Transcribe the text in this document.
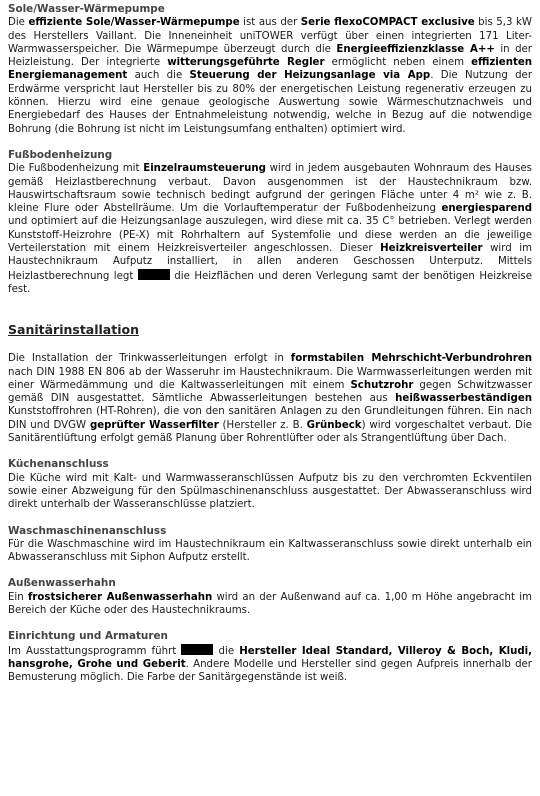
Sole/Wasser-Wärmepumpe

Die effiziente Sole/Wasser-Wärmepumpe ist aus der Serie flexoCOMPACT exclusive bis 5,3 kW des Herstellers Vaillant. Die Inneneinheit uniTOWER verfügt über einen integrierten 171 Liter-Warmwasserspeicher. Die Wärmepumpe überzeugt durch die Energieeffizienzklasse A++ in der Heizleistung. Der integrierte witterungsgeführte Regler ermöglicht neben einem effizienten Energiemanagement auch die Steuerung der Heizungsanlage via App. Die Nutzung der Erdwärme verspricht laut Hersteller bis zu 80% der energetischen Leistung regenerativ erzeugen zu können. Hierzu wird eine genaue geologische Auswertung sowie Wärmeschutznachweis und Energiebedarf des Hauses der Entnahmeleistung notwendig, welche in Bezug auf die notwendige Bohrung (die Bohrung ist nicht im Leistungsumfang enthalten) optimiert wird.

Fußbodenheizung

Die Fußbodenheizung mit Einzelraumsteuerung wird in jedem ausgebauten Wohnraum des Hauses gemäß Heizlastberechnung verbaut. Davon ausgenommen ist der Haustechnikraum bzw. Hauswirtschaftsraum sowie technisch bedingt aufgrund der geringen Fläche unter 4 m² wie z. B. kleine Flure oder Abstellräume. Um die Vorlauftemperatur der Fußbodenheizung energiesparend und optimiert auf die Heizungsanlage auszulegen, wird diese mit ca. 35 C° betrieben. Verlegt werden Kunststoff-Heizrohre (PE-X) mit Rohrhaltern auf Systemfolie und diese werden an die jeweilige Verteilerstation mit einem Heizkreisverteiler angeschlossen. Dieser Heizkreisverteiler wird im Haustechnikraum Aufputz installiert, in allen anderen Geschossen Unterputz. Mittels Heizlastberechnung legt	die Heizflächen und deren Verlegung samt der benötigen Heizkreise fest.

Sanitärinstallation

Die Installation der Trinkwasserleitungen erfolgt in formstabilen Mehrschicht-Verbundrohren nach DIN 1988 EN 806 ab der Wasseruhr im Haustechnikraum. Die Warmwasserleitungen werden mit einer Wärmedämmung und die Kaltwasserleitungen mit einem Schutzrohr gegen Schwitzwasser gemäß DIN ausgestattet. Sämtliche Abwasserleitungen bestehen aus heißwasserbeständigen Kunststoffrohren (HT-Rohren), die von den sanitären Anlagen zu den Grundleitungen führen. Ein nach DIN und DVGW geprüfter Wasserfilter (Hersteller z. B. Grünbeck) wird vorgeschaltet verbaut. Die Sanitärentlüftung erfolgt gemäß Planung über Rohrentlüfter oder als Strangentlüftung über Dach.

Küchenanschluss

Die Küche wird mit Kalt- und Warmwasseranschlüssen Aufputz bis zu den verchromten Eckventilen sowie einer Abzweigung für den Spülmaschinenanschluss ausgestattet. Der Abwasseranschluss wird direkt unterhalb der Wasseranschlüsse platziert.

Waschmaschinenanschluss

Für die Waschmaschine wird im Haustechnikraum ein Kaltwasseranschluss sowie direkt unterhalb ein Abwasseranschluss mit Siphon Aufputz erstellt.

Außenwasserhahn

Ein frostsicherer Außenwasserhahn wird an der Außenwand auf ca. 1,00 m Höhe angebracht im Bereich der Küche oder des Haustechnikraums.

Einrichtung und Armaturen

Im Ausstattungsprogramm führt	die Hersteller Ideal Standard, Villeroy & Boch, Kludi, hansgrohe, Grohe und Geberit. Andere Modelle und Hersteller sind gegen Aufpreis innerhalb der Bemusterung möglich. Die Farbe der Sanitärgegenstände ist weiß.
